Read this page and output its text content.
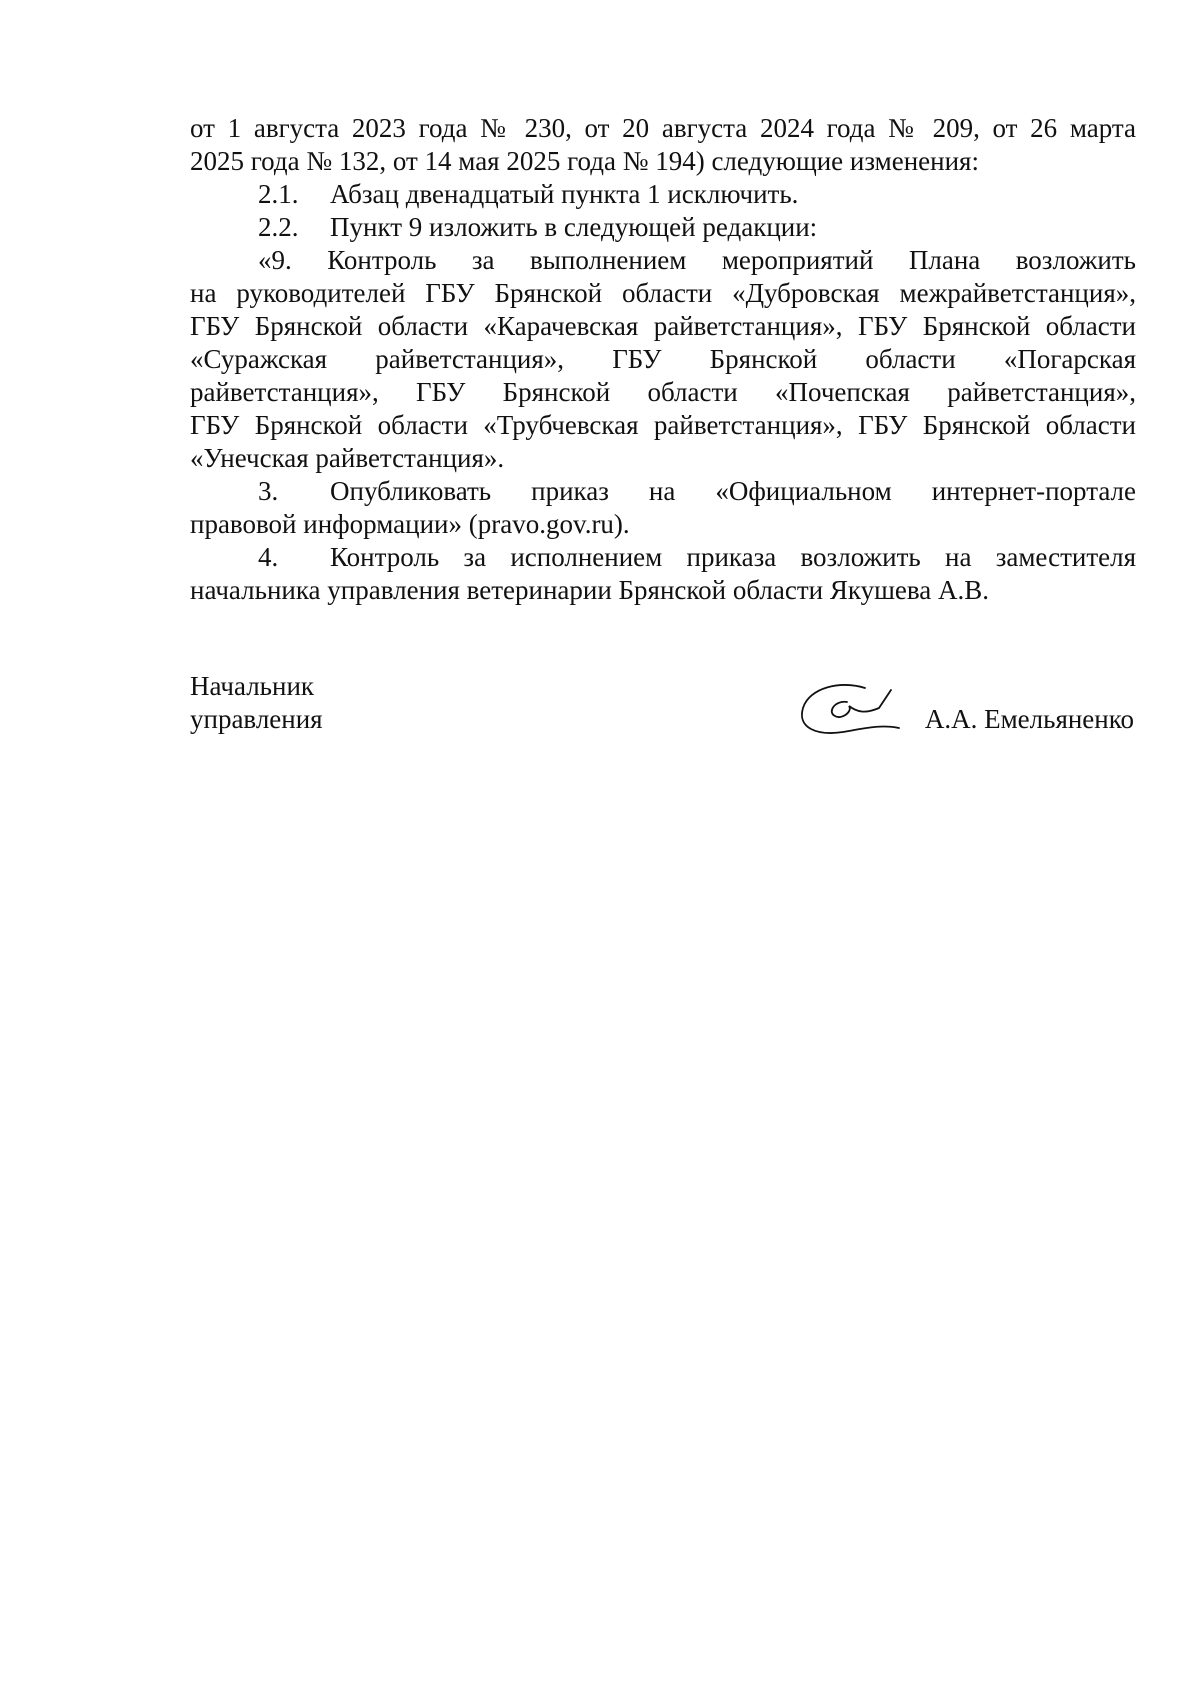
от 1 августа 2023 года № 230, от 20 августа 2024 года № 209, от 26 марта
2025 года № 132, от 14 мая 2025 года № 194) следующие изменения:
2.1. Абзац двенадцатый пункта 1 исключить.
2.2. Пункт 9 изложить в следующей редакции:
«9. Контроль за выполнением мероприятий Плана возложить
на руководителей ГБУ Брянской области «Дубровская межрайветстанция»,
ГБУ Брянской области «Карачевская райветстанция», ГБУ Брянской области
«Суражская райветстанция», ГБУ Брянской области «Погарская
райветстанция», ГБУ Брянской области «Почепская райветстанция»,
ГБУ Брянской области «Трубчевская райветстанция», ГБУ Брянской области
«Унечская райветстанция».
3. Опубликовать приказ на «Официальном интернет-портале
правовой информации» (pravo.gov.ru).
4. Контроль за исполнением приказа возложить на заместителя
начальника управления ветеринарии Брянской области Якушева А.В.
Начальник
управления	А.А. Емельяненко
